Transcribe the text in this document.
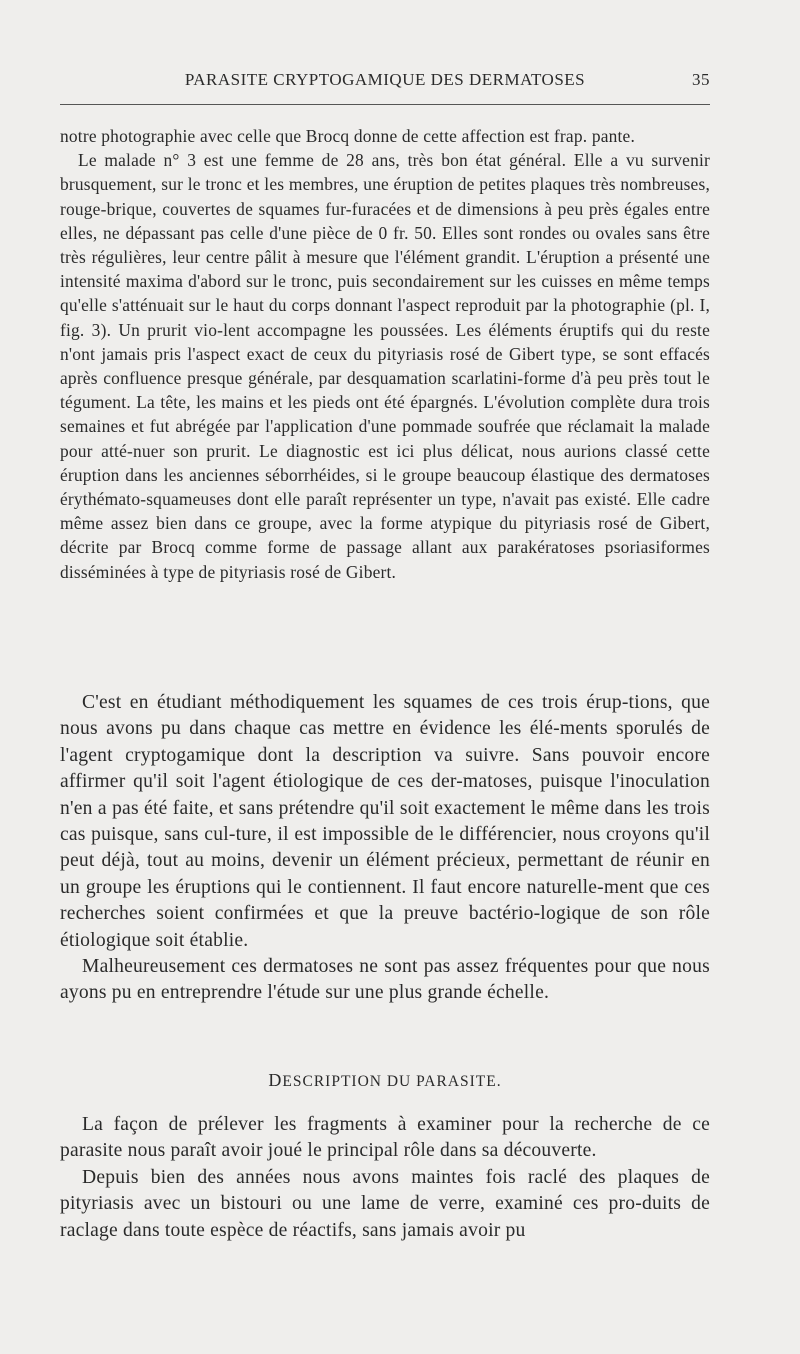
PARASITE CRYPTOGAMIQUE DES DERMATOSES	35

notre photographie avec celle que Brocq donne de cette affection est frap. pante.

Le malade n° 3 est une femme de 28 ans, très bon état général. Elle a vu survenir brusquement, sur le tronc et les membres, une éruption de petites plaques très nombreuses, rouge-brique, couvertes de squames fur-furacées et de dimensions à peu près égales entre elles, ne dépassant pas celle d'une pièce de 0 fr. 50. Elles sont rondes ou ovales sans être très régulières, leur centre pâlit à mesure que l'élément grandit. L'éruption a présenté une intensité maxima d'abord sur le tronc, puis secondairement sur les cuisses en même temps qu'elle s'atténuait sur le haut du corps donnant l'aspect reproduit par la photographie (pl. I, fig. 3). Un prurit vio-lent accompagne les poussées. Les éléments éruptifs qui du reste n'ont jamais pris l'aspect exact de ceux du pityriasis rosé de Gibert type, se sont effacés après confluence presque générale, par desquamation scarlatini-forme d'à peu près tout le tégument. La tête, les mains et les pieds ont été épargnés. L'évolution complète dura trois semaines et fut abrégée par l'application d'une pommade soufrée que réclamait la malade pour atté-nuer son prurit. Le diagnostic est ici plus délicat, nous aurions classé cette éruption dans les anciennes séborrhéides, si le groupe beaucoup élastique des dermatoses érythémato-squameuses dont elle paraît représenter un type, n'avait pas existé. Elle cadre même assez bien dans ce groupe, avec la forme atypique du pityriasis rosé de Gibert, décrite par Brocq comme forme de passage allant aux parakératoses psoriasiformes disséminées à type de pityriasis rosé de Gibert.

C'est en étudiant méthodiquement les squames de ces trois érup-tions, que nous avons pu dans chaque cas mettre en évidence les élé-ments sporulés de l'agent cryptogamique dont la description va suivre. Sans pouvoir encore affirmer qu'il soit l'agent étiologique de ces der-matoses, puisque l'inoculation n'en a pas été faite, et sans prétendre qu'il soit exactement le même dans les trois cas puisque, sans cul-ture, il est impossible de le différencier, nous croyons qu'il peut déjà, tout au moins, devenir un élément précieux, permettant de réunir en un groupe les éruptions qui le contiennent. Il faut encore naturelle-ment que ces recherches soient confirmées et que la preuve bactério-logique de son rôle étiologique soit établie.

Malheureusement ces dermatoses ne sont pas assez fréquentes pour que nous ayons pu en entreprendre l'étude sur une plus grande échelle.

DESCRIPTION DU PARASITE.

La façon de prélever les fragments à examiner pour la recherche de ce parasite nous paraît avoir joué le principal rôle dans sa découverte.

Depuis bien des années nous avons maintes fois raclé des plaques de pityriasis avec un bistouri ou une lame de verre, examiné ces pro-duits de raclage dans toute espèce de réactifs, sans jamais avoir pu
